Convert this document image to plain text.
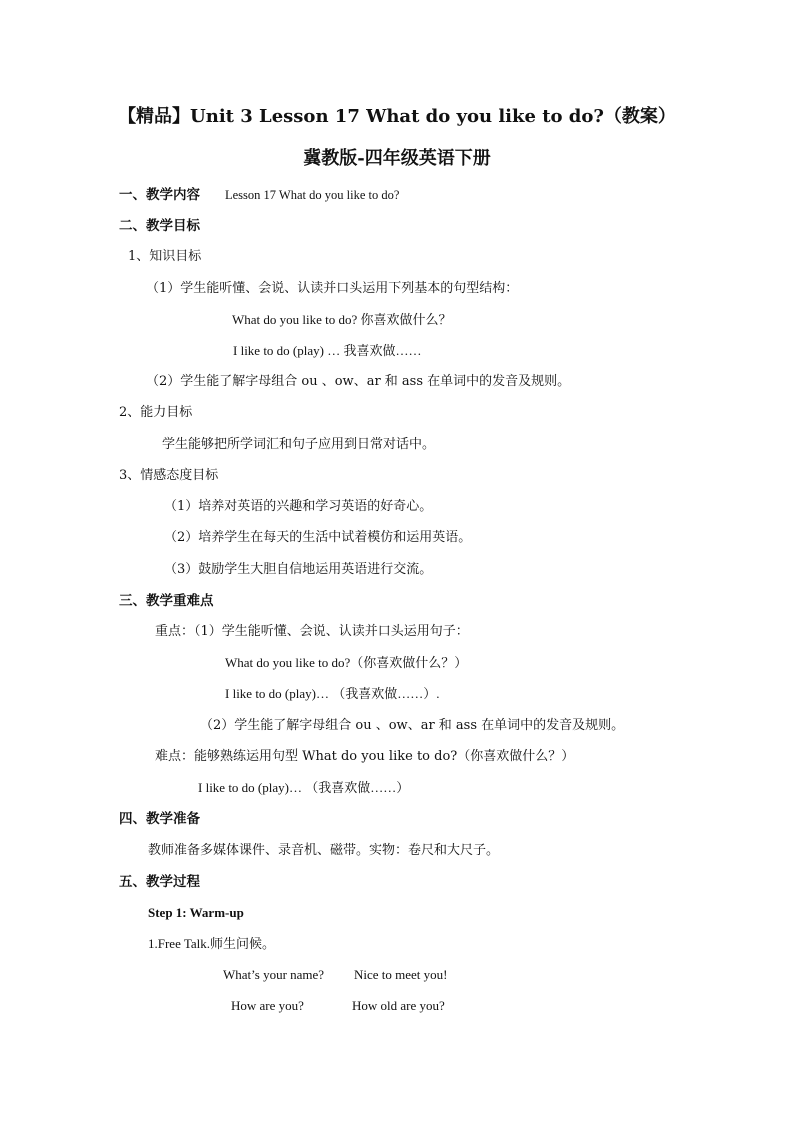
【精品】Unit 3 Lesson 17 What do you like to do?（教案）
冀教版-四年级英语下册
一、教学内容 Lesson 17 What do you like to do?
二、教学目标
1、知识目标
（1）学生能听懂、会说、认读并口头运用下列基本的句型结构：
What do you like to do? 你喜欢做什么？
I like to do (play) … 我喜欢做……
（2）学生能了解字母组合 ou 、ow、ar 和 ass 在单词中的发音及规则。
2、能力目标
学生能够把所学词汇和句子应用到日常对话中。
3、情感态度目标
（1）培养对英语的兴趣和学习英语的好奇心。
（2）培养学生在每天的生活中试着模仿和运用英语。
（3）鼓励学生大胆自信地运用英语进行交流。
三、教学重难点
重点：（1）学生能听懂、会说、认读并口头运用句子：
What do you like to do?（你喜欢做什么？）
I like to do (play)… （我喜欢做……）.
（2）学生能了解字母组合 ou 、ow、ar 和 ass 在单词中的发音及规则。
难点：能够熟练运用句型 What do you like to do?（你喜欢做什么？）
I like to do (play)… （我喜欢做……）
四、教学准备
教师准备多媒体课件、录音机、磁带。实物：卷尺和大尺子。
五、教学过程
Step 1: Warm-up
1.Free Talk.师生问候。
What’s your name? Nice to meet you!
How are you?	How old are you?
